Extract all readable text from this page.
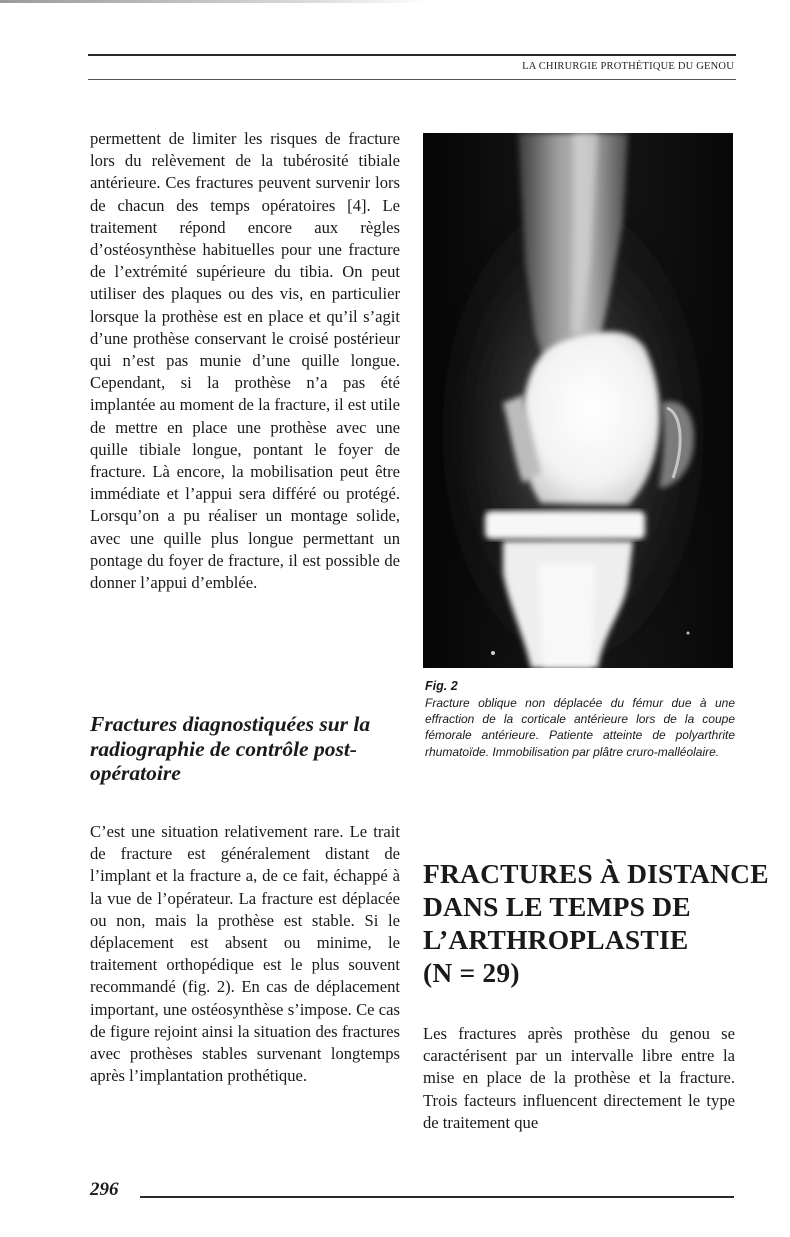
LA CHIRURGIE PROTHÉTIQUE DU GENOU

permettent de limiter les risques de fracture lors du relèvement de la tubérosité tibiale antérieure. Ces fractures peuvent survenir lors de chacun des temps opératoires [4]. Le traitement répond encore aux règles d’ostéosynthèse habituelles pour une fracture de l’extrémité supérieure du tibia. On peut utiliser des plaques ou des vis, en particulier lorsque la prothèse est en place et qu’il s’agit d’une prothèse conservant le croisé postérieur qui n’est pas munie d’une quille longue. Cependant, si la prothèse n’a pas été implantée au moment de la fracture, il est utile de mettre en place une prothèse avec une quille tibiale longue, pontant le foyer de fracture. Là encore, la mobilisation peut être immédiate et l’appui sera différé ou protégé. Lorsqu’on a pu réaliser un montage solide, avec une quille plus longue permettant un pontage du foyer de fracture, il est possible de donner l’appui d’emblée.

Fractures diagnostiquées sur la radiographie de contrôle post-opératoire

C’est une situation relativement rare. Le trait de fracture est généralement distant de l’implant et la fracture a, de ce fait, échappé à la vue de l’opérateur. La fracture est déplacée ou non, mais la prothèse est stable. Si le déplacement est absent ou minime, le traitement orthopédique est le plus souvent recommandé (fig. 2). En cas de déplacement important, une ostéosynthèse s’impose. Ce cas de figure rejoint ainsi la situation des fractures avec prothèses stables survenant longtemps après l’implantation prothétique.

Fig. 2

Fracture oblique non déplacée du fémur due à une effraction de la corticale antérieure lors de la coupe fémorale antérieure. Patiente atteinte de polyarthrite rhumatoïde. Immobilisation par plâtre cruro-malléolaire.

FRACTURES À DISTANCE
DANS LE TEMPS DE
L’ARTHROPLASTIE
(N = 29)

Les fractures après prothèse du genou se caractérisent par un intervalle libre entre la mise en place de la prothèse et la fracture. Trois facteurs influencent directement le type de traitement que

296
